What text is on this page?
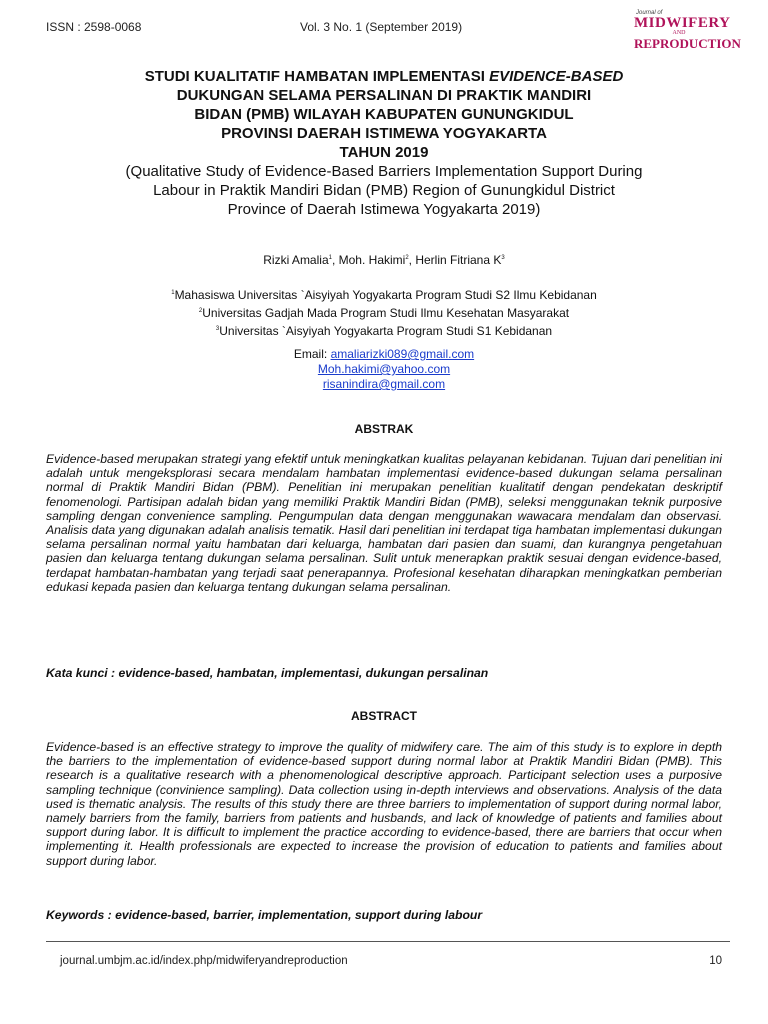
ISSN : 2598-0068	Vol. 3 No. 1 (September 2019)
Journal of
MIDWIFERY
AND
REPRODUCTION
STUDI KUALITATIF HAMBATAN IMPLEMENTASI EVIDENCE-BASED
DUKUNGAN SELAMA PERSALINAN DI PRAKTIK MANDIRI
BIDAN (PMB) WILAYAH KABUPATEN GUNUNGKIDUL
PROVINSI DAERAH ISTIMEWA YOGYAKARTA
TAHUN 2019
(Qualitative Study of Evidence-Based Barriers Implementation Support During
Labour in Praktik Mandiri Bidan (PMB) Region of Gunungkidul District
Province of Daerah Istimewa Yogyakarta 2019)
Rizki Amalia$^1$, Moh. Hakimi$^2$, Herlin Fitriana $K^3$
$^1$Mahasiswa Universitas `Aisyiyah Yogyakarta Program Studi S2 Ilmu Kebidanan
$^2$Universitas Gadjah Mada Program Studi Ilmu Kesehatan Masyarakat
$^3$Universitas `Aisyiyah Yogyakarta Program Studi S1 Kebidanan
Email: amaliarizki089@gmail.com
Moh.hakimi@yahoo.com
risanindira@gmail.com
ABSTRAK
Evidence-based merupakan strategi yang efektif untuk meningkatkan kualitas pelayanan kebidanan. Tujuan dari penelitian ini adalah untuk mengeksplorasi secara mendalam hambatan implementasi evidence-based dukungan selama persalinan normal di Praktik Mandiri Bidan (PBM). Penelitian ini merupakan penelitian kualitatif dengan pendekatan deskriptif fenomenologi. Partisipan adalah bidan yang memiliki Praktik Mandiri Bidan (PMB), seleksi menggunakan teknik purposive sampling dengan convenience sampling. Pengumpulan data dengan menggunakan wawacara mendalam dan observasi. Analisis data yang digunakan adalah analisis tematik. Hasil dari penelitian ini terdapat tiga hambatan implementasi dukungan selama persalinan normal yaitu hambatan dari keluarga, hambatan dari pasien dan suami, dan kurangnya pengetahuan pasien dan keluarga tentang dukungan selama persalinan. Sulit untuk menerapkan praktik sesuai dengan evidence-based, terdapat hambatan-hambatan yang terjadi saat penerapannya. Profesional kesehatan diharapkan meningkatkan pemberian edukasi kepada pasien dan keluarga tentang dukungan selama persalinan.
Kata kunci : evidence-based, hambatan, implementasi, dukungan persalinan
ABSTRACT
Evidence-based is an effective strategy to improve the quality of midwifery care. The aim of this study is to explore in depth the barriers to the implementation of evidence-based support during normal labor at Praktik Mandiri Bidan (PMB). This research is a qualitative research with a phenomenological descriptive approach. Participant selection uses a purposive sampling technique (convinience sampling). Data collection using in-depth interviews and observations. Analysis of the data used is thematic analysis. The results of this study there are three barriers to implementation of support during normal labor, namely barriers from the family, barriers from patients and husbands, and lack of knowledge of patients and families about support during labor. It is difficult to implement the practice according to evidence-based, there are barriers that occur when implementing it. Health professionals are expected to increase the provision of education to patients and families about support during labor.
Keywords : evidence-based, barrier, implementation, support during labour
journal.umbjm.ac.id/index.php/midwiferyandreproduction	10
